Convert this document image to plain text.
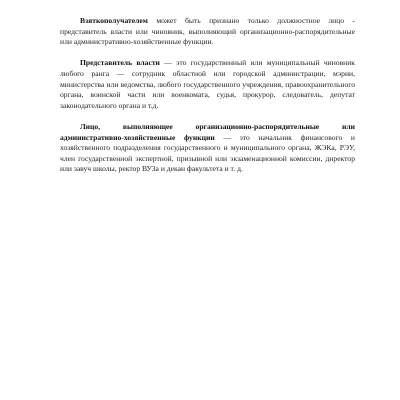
Взяткополучателем может быть признано только должностное лицо - представитель власти или чиновник, выполняющий организационно-распорядительные или административно-хозяйственные функции.

Представитель власти — это государственный или муниципальный чиновник любого ранга — сотрудник областной или городской администрации, мэрии, министерства или ведомства, любого государственного учреждения, правоохранительного органа, воинской части или военкомата, судья, прокурор, следователь, депутат законодательного органа и т.д.

Лицо, выполняющее организационно-распорядительные или административно-хозяйственные функции — это начальник финансового и хозяйственного подразделения государственного и муниципального органа, ЖЭКа, РЭУ, член государственной экспертной, призывной или экзаменационной комиссии, директор или завуч школы, ректор ВУЗа и декан факультета и т. д.
